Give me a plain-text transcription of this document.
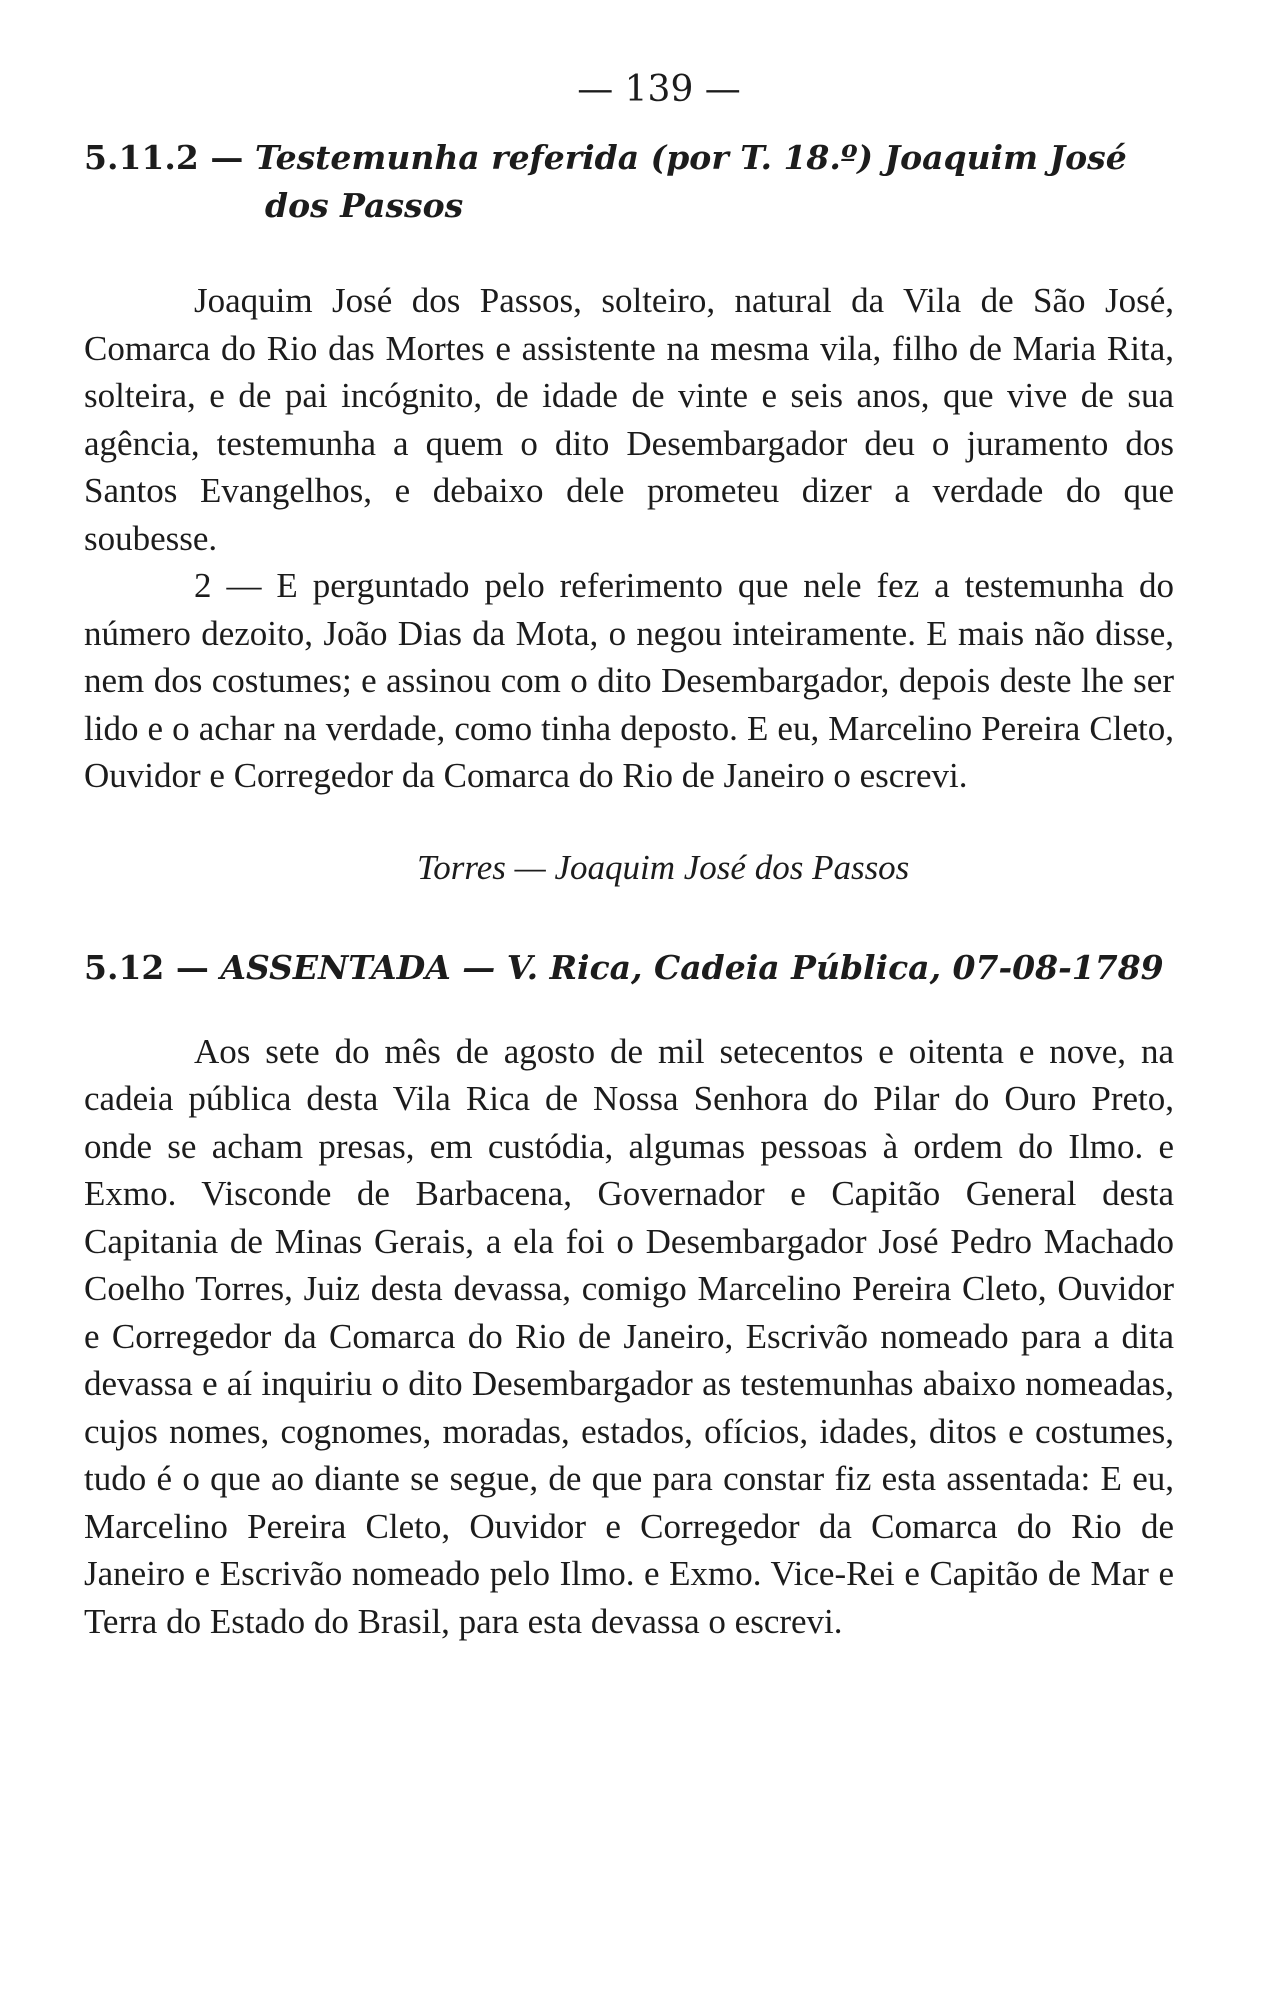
— 139 —
5.11.2 — Testemunha referida (por T. 18.º) Joaquim José
dos Passos

Joaquim José dos Passos, solteiro, natural da Vila de São José, Comarca do Rio das Mortes e assistente na mesma vila, filho de Maria Rita, solteira, e de pai incógnito, de idade de vinte e seis anos, que vive de sua agência, testemunha a quem o dito Desembargador deu o juramento dos Santos Evangelhos, e debaixo dele prometeu dizer a verdade do que soubesse.

2 — E perguntado pelo referimento que nele fez a testemunha do número dezoito, João Dias da Mota, o negou inteiramente. E mais não disse, nem dos costumes; e assinou com o dito Desembargador, depois deste lhe ser lido e o achar na verdade, como tinha deposto. E eu, Marcelino Pereira Cleto, Ouvidor e Corregedor da Comarca do Rio de Janeiro o escrevi.

Torres — Joaquim José dos Passos
5.12 — ASSENTADA — V. Rica, Cadeia Pública, 07-08-1789

Aos sete do mês de agosto de mil setecentos e oitenta e nove, na cadeia pública desta Vila Rica de Nossa Senhora do Pilar do Ouro Preto, onde se acham presas, em custódia, algumas pessoas à ordem do Ilmo. e Exmo. Visconde de Barbacena, Governador e Capitão General desta Capitania de Minas Gerais, a ela foi o Desembargador José Pedro Machado Coelho Torres, Juiz desta devassa, comigo Marcelino Pereira Cleto, Ouvidor e Corregedor da Comarca do Rio de Janeiro, Escrivão nomeado para a dita devassa e aí inquiriu o dito Desembargador as testemunhas abaixo nomeadas, cujos nomes, cognomes, moradas, estados, ofícios, idades, ditos e costumes, tudo é o que ao diante se segue, de que para constar fiz esta assentada: E eu, Marcelino Pereira Cleto, Ouvidor e Corregedor da Comarca do Rio de Janeiro e Escrivão nomeado pelo Ilmo. e Exmo. Vice-Rei e Capitão de Mar e Terra do Estado do Brasil, para esta devassa o escrevi.
